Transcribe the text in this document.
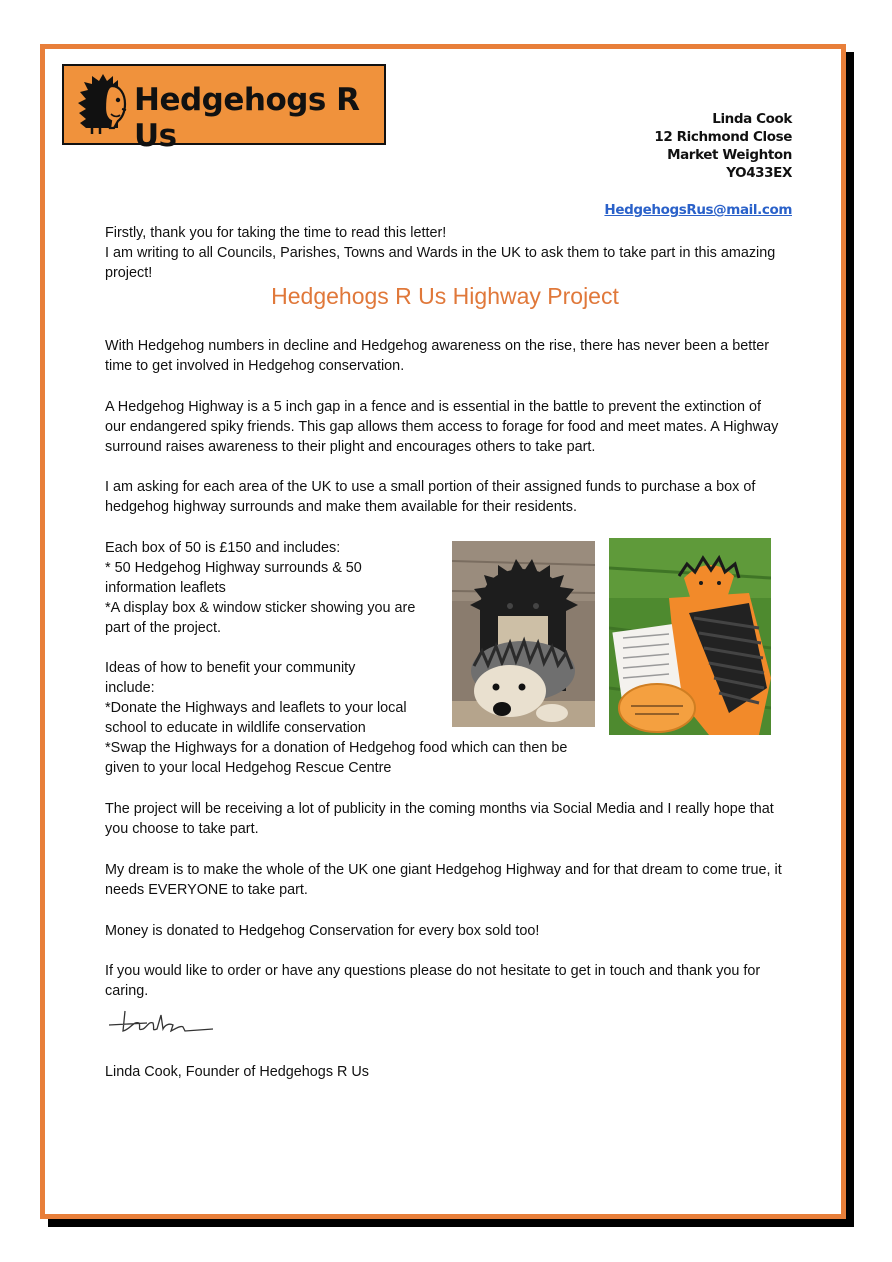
Hedgehogs R Us	Linda Cook
12 Richmond Close
Market Weighton
YO433EX
HedgehogsRus@mail.com

Firstly, thank you for taking the time to read this letter!

I am writing to all Councils, Parishes, Towns and Wards in the UK to ask them to take part in this amazing project!

Hedgehogs R Us Highway Project
With Hedgehog numbers in decline and Hedgehog awareness on the rise, there has never been a better time to get involved in Hedgehog conservation.
A Hedgehog Highway is a 5 inch gap in a fence and is essential in the battle to prevent the extinction of our endangered spiky friends. This gap allows them access to forage for food and meet mates. A Highway surround raises awareness to their plight and encourages others to take part.
I am asking for each area of the UK to use a small portion of their assigned funds to purchase a box of hedgehog highway surrounds and make them available for their residents.

Each box of 50 is £150 and includes:

* 50 Hedgehog Highway surrounds & 50 information leaflets

*A display box & window sticker showing you are part of the project.

Ideas of how to benefit your community include:

*Donate the Highways and leaflets to your local school to educate in wildlife conservation

*Swap the Highways for a donation of Hedgehog food which can then be given to your local Hedgehog Rescue Centre

The project will be receiving a lot of publicity in the coming months via Social Media and I really hope that you choose to take part.
My dream is to make the whole of the UK one giant Hedgehog Highway and for that dream to come true, it needs EVERYONE to take part.
Money is donated to Hedgehog Conservation for every box sold too!
If you would like to order or have any questions please do not hesitate to get in touch and thank you for caring.
Linda Cook, Founder of Hedgehogs R Us
